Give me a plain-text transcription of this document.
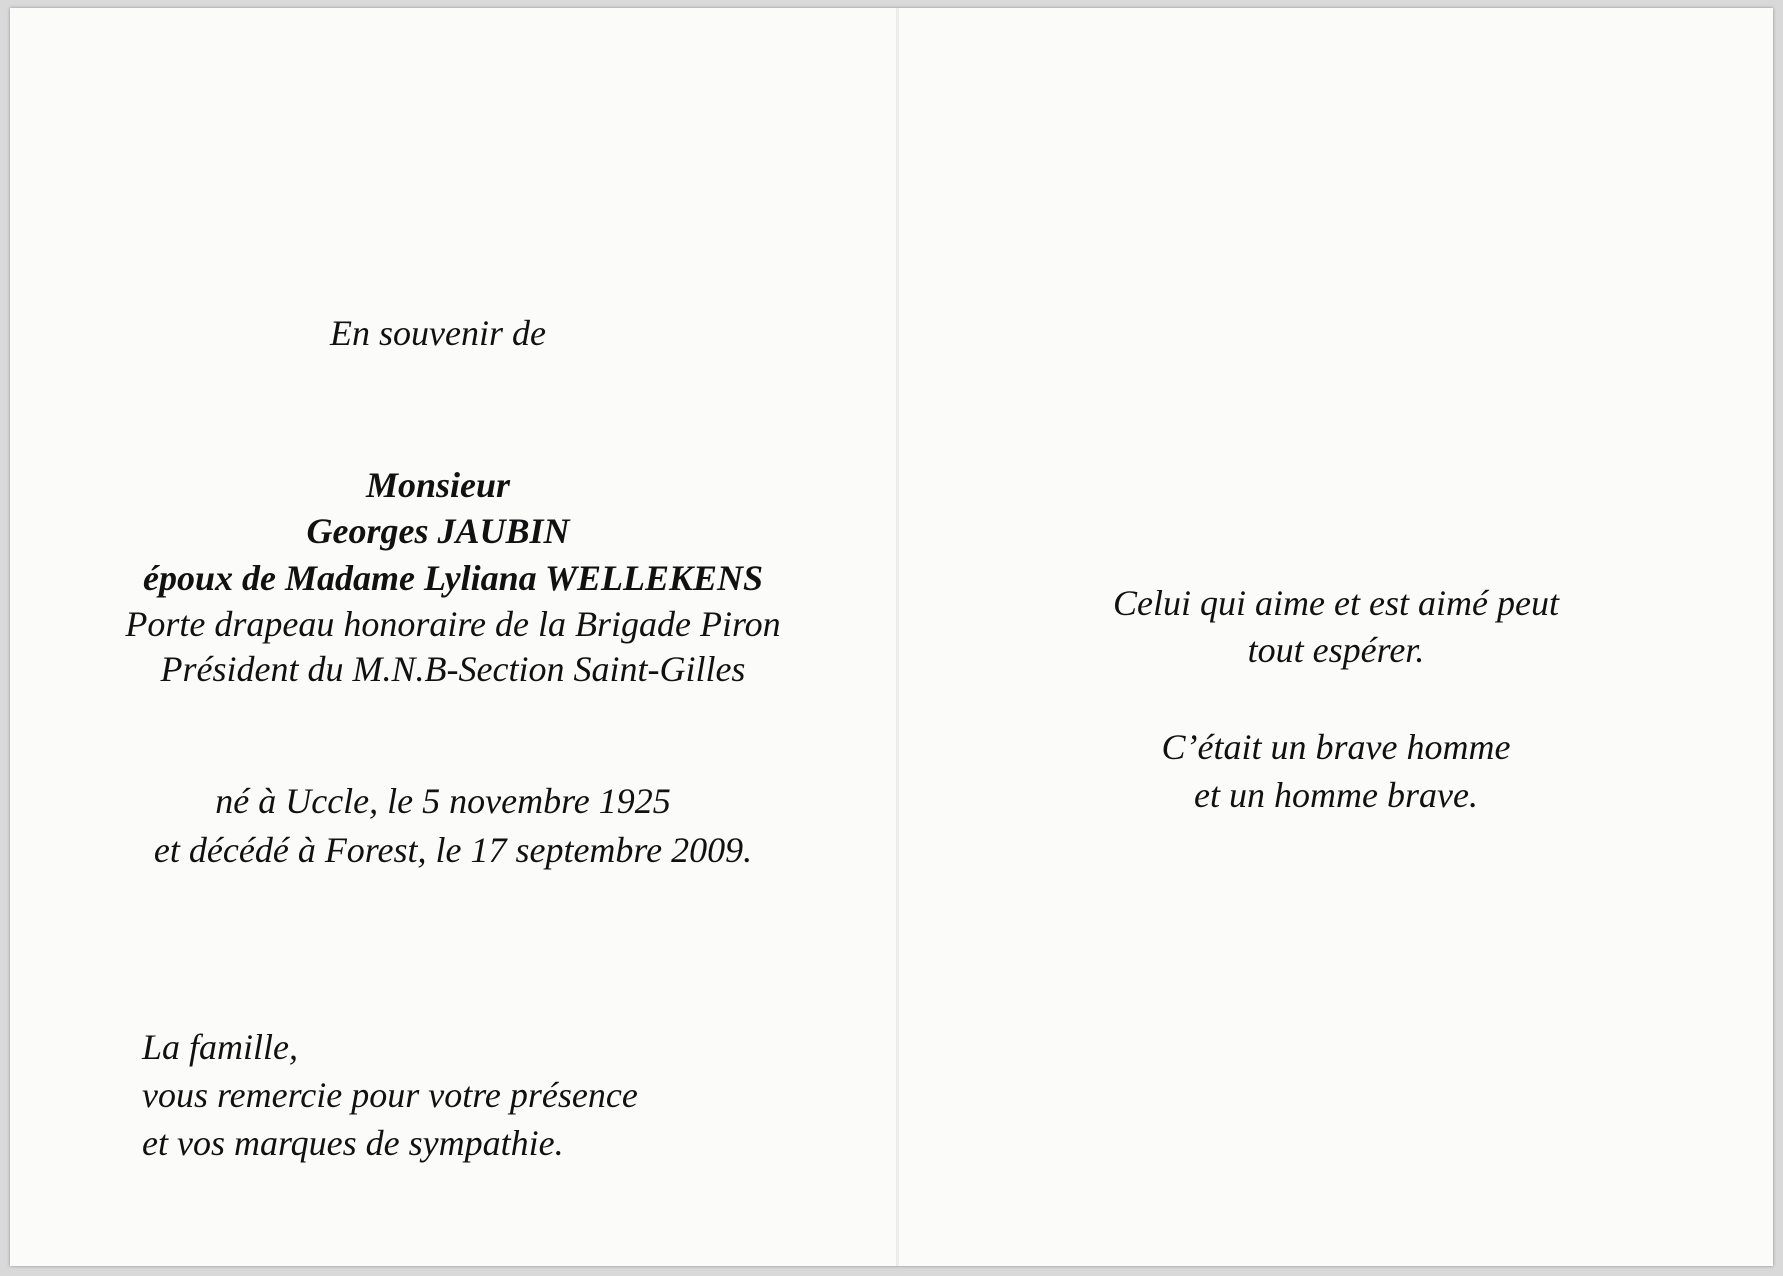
En souvenir de
Monsieur
Georges JAUBIN
époux de Madame Lyliana WELLEKENS
Porte drapeau honoraire de la Brigade Piron
Président du M.N.B-Section Saint-Gilles
né à Uccle, le 5 novembre 1925
et décédé à Forest, le 17 septembre 2009.
La famille,
vous remercie pour votre présence
et vos marques de sympathie.
Celui qui aime et est aimé peut
tout espérer.
C’était un brave homme
et un homme brave.
